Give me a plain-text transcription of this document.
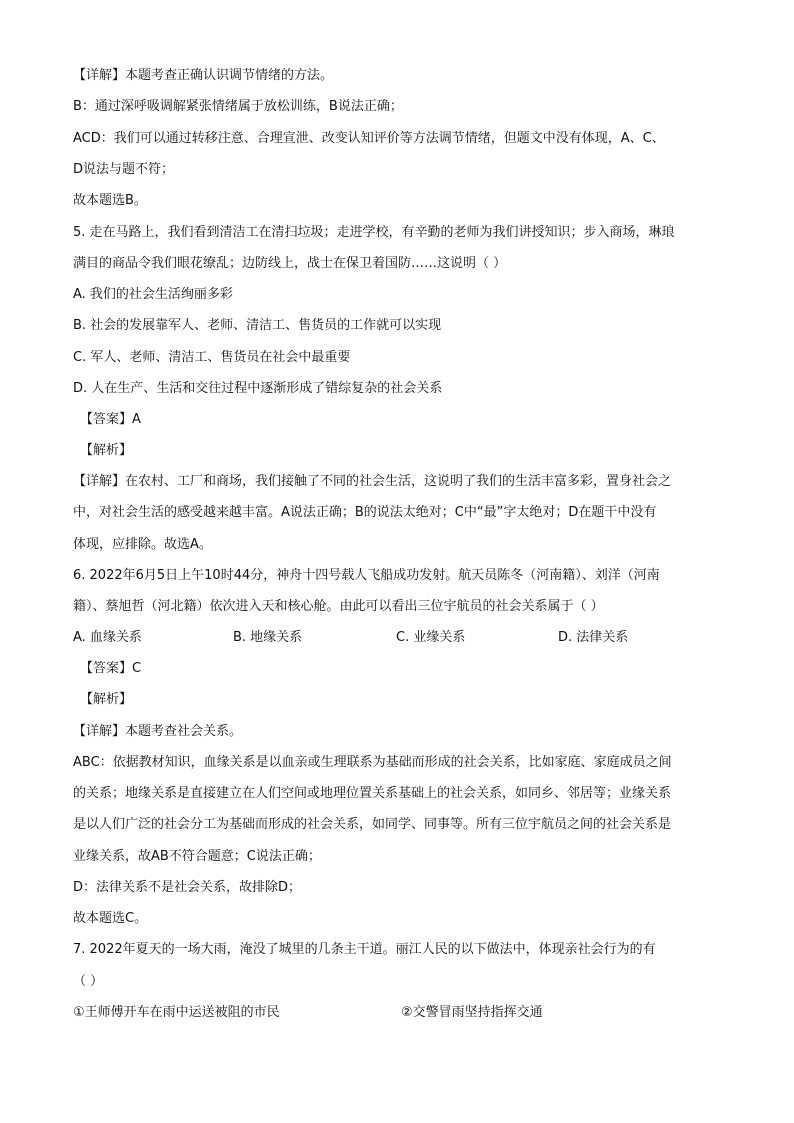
【详解】本题考查正确认识调节情绪的方法。
B：通过深呼吸调解紧张情绪属于放松训练，B说法正确；
ACD：我们可以通过转移注意、合理宣泄、改变认知评价等方法调节情绪，但题文中没有体现，A、C、
D说法与题不符；
故本题选B。
5. 走在马路上，我们看到清洁工在清扫垃圾；走进学校，有辛勤的老师为我们讲授知识；步入商场，琳琅
满目的商品令我们眼花缭乱；边防线上，战士在保卫着国防……这说明（ ）
A. 我们的社会生活绚丽多彩
B. 社会的发展靠军人、老师、清洁工、售货员的工作就可以实现
C. 军人、老师、清洁工、售货员在社会中最重要
D. 人在生产、生活和交往过程中逐渐形成了错综复杂的社会关系
【答案】A
【解析】
【详解】在农村、工厂和商场，我们接触了不同的社会生活，这说明了我们的生活丰富多彩，置身社会之
中，对社会生活的感受越来越丰富。A说法正确；B的说法太绝对；C中“最”字太绝对；D在题干中没有
体现，应排除。故选A。
6. 2022年6月5日上午10时44分，神舟十四号载人飞船成功发射。航天员陈冬（河南籍）、刘洋（河南
籍）、蔡旭哲（河北籍）依次进入天和核心舱。由此可以看出三位宇航员的社会关系属于（ ）
A. 血缘关系	B. 地缘关系	C. 业缘关系	D. 法律关系
【答案】C
【解析】
【详解】本题考查社会关系。
ABC：依据教材知识，血缘关系是以血亲或生理联系为基础而形成的社会关系，比如家庭、家庭成员之间
的关系；地缘关系是直接建立在人们空间或地理位置关系基础上的社会关系，如同乡、邻居等；业缘关系
是以人们广泛的社会分工为基础而形成的社会关系，如同学、同事等。所有三位宇航员之间的社会关系是
业缘关系，故AB不符合题意；C说法正确；
D：法律关系不是社会关系，故排除D；
故本题选C。
7. 2022年夏天的一场大雨，淹没了城里的几条主干道。丽江人民的以下做法中，体现亲社会行为的有
（ ）
①王师傅开车在雨中运送被阻的市民	②交警冒雨坚持指挥交通
